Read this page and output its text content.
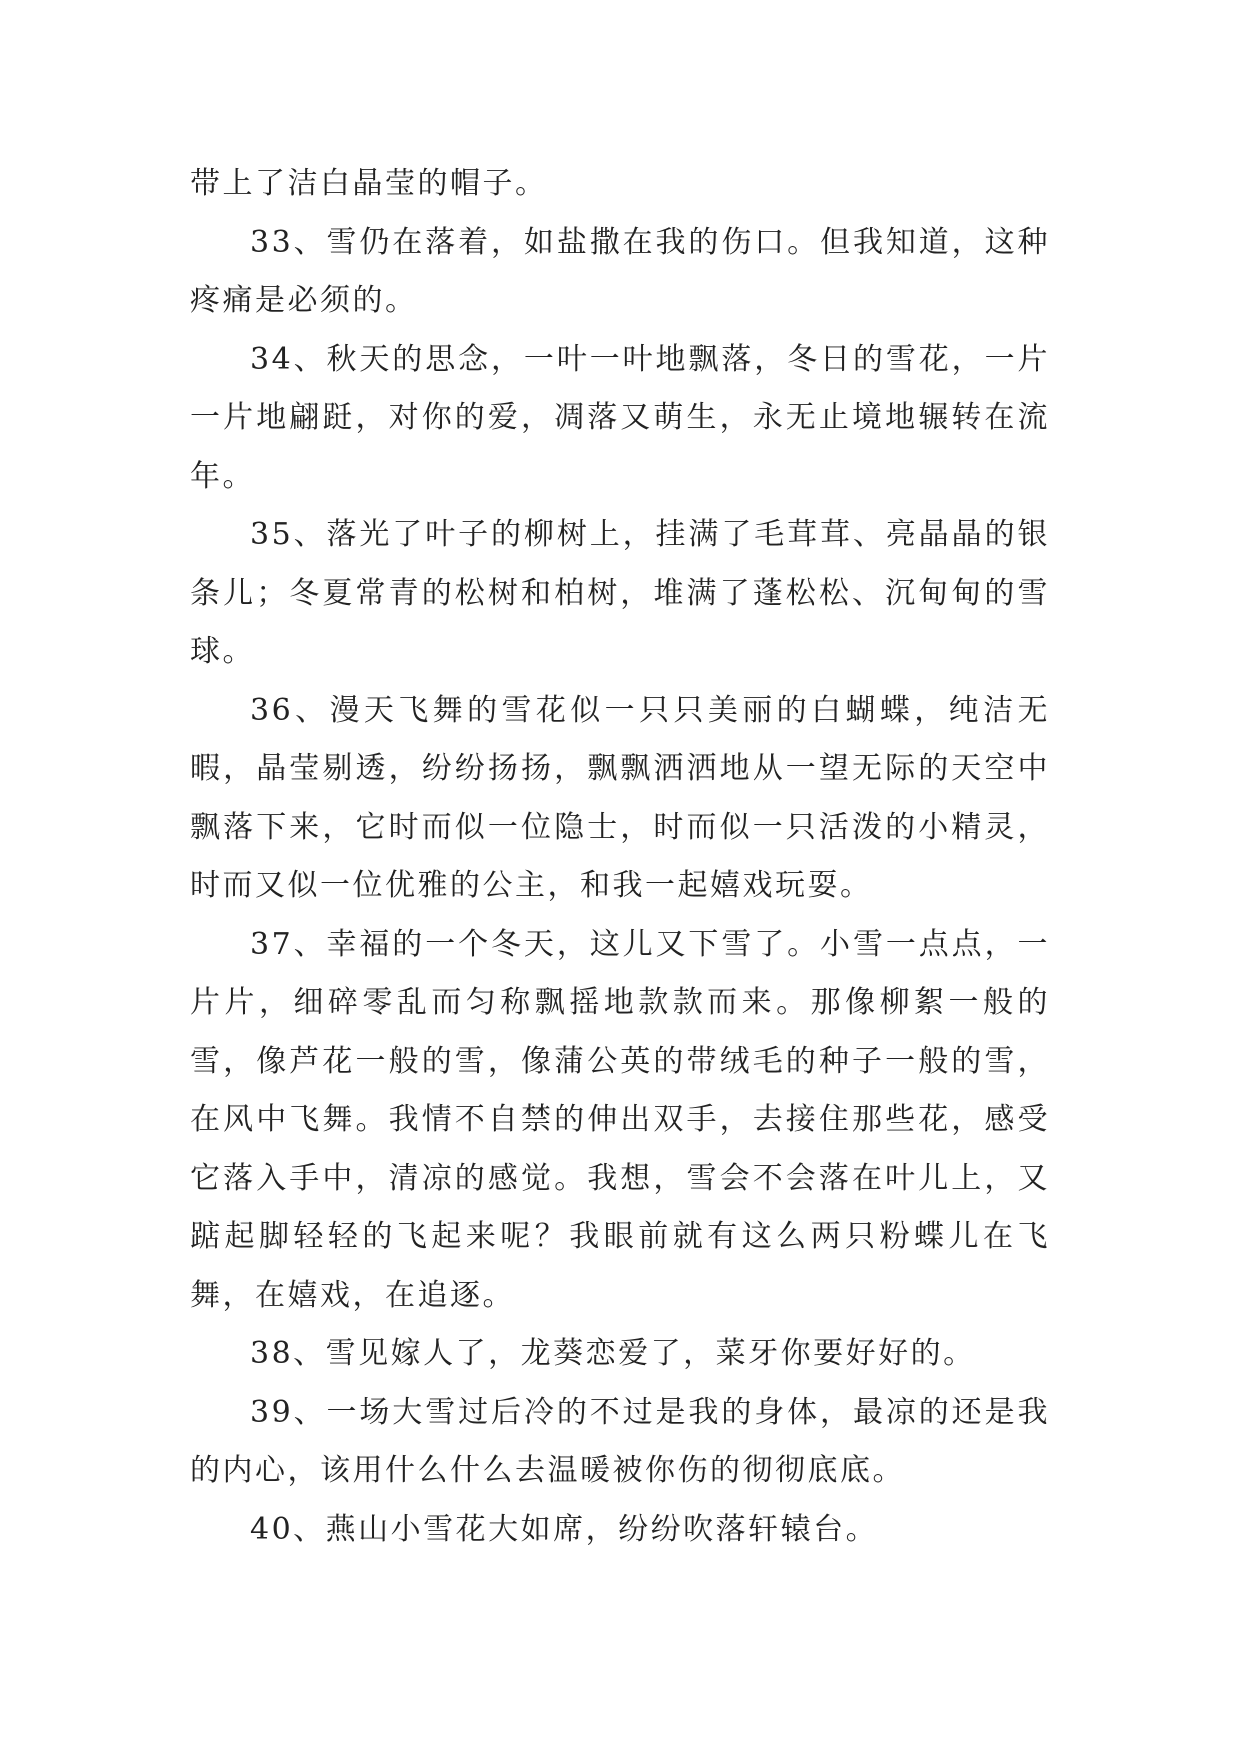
带上了洁白晶莹的帽子。

33、雪仍在落着，如盐撒在我的伤口。但我知道，这种疼痛是必须的。

34、秋天的思念，一叶一叶地飘落，冬日的雪花，一片一片地翩跹，对你的爱，凋落又萌生，永无止境地辗转在流年。

35、落光了叶子的柳树上，挂满了毛茸茸、亮晶晶的银条儿；冬夏常青的松树和柏树，堆满了蓬松松、沉甸甸的雪球。

36、漫天飞舞的雪花似一只只美丽的白蝴蝶，纯洁无暇，晶莹剔透，纷纷扬扬，飘飘洒洒地从一望无际的天空中飘落下来，它时而似一位隐士，时而似一只活泼的小精灵，时而又似一位优雅的公主，和我一起嬉戏玩耍。

37、幸福的一个冬天，这儿又下雪了。小雪一点点，一片片，细碎零乱而匀称飘摇地款款而来。那像柳絮一般的雪，像芦花一般的雪，像蒲公英的带绒毛的种子一般的雪，在风中飞舞。我情不自禁的伸出双手，去接住那些花，感受它落入手中，清凉的感觉。我想，雪会不会落在叶儿上，又踮起脚轻轻的飞起来呢？我眼前就有这么两只粉蝶儿在飞舞，在嬉戏，在追逐。

38、雪见嫁人了，龙葵恋爱了，菜牙你要好好的。

39、一场大雪过后冷的不过是我的身体，最凉的还是我的内心，该用什么什么去温暖被你伤的彻彻底底。

40、燕山小雪花大如席，纷纷吹落轩辕台。
